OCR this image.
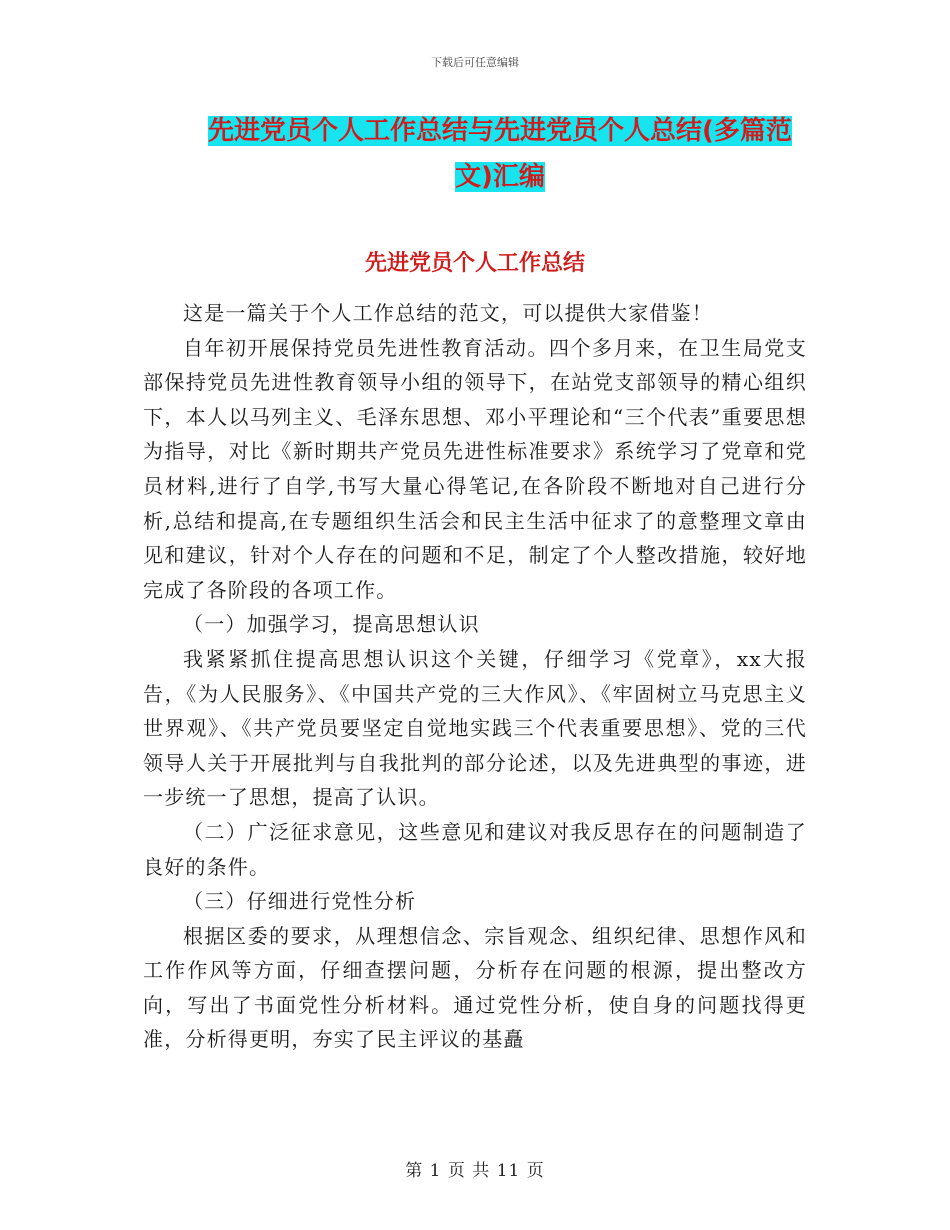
下载后可任意编辑
先进党员个人工作总结与先进党员个人总结(多篇范文)汇编
先进党员个人工作总结

这是一篇关于个人工作总结的范文，可以提供大家借鉴！

自年初开展保持党员先进性教育活动。四个多月来，在卫生局党支部保持党员先进性教育领导小组的领导下，在站党支部领导的精心组织下，本人以马列主义、毛泽东思想、邓小平理论和“三个代表”重要思想为指导，对比《新时期共产党员先进性标准要求》系统学习了党章和党员材料,进行了自学,书写大量心得笔记,在各阶段不断地对自己进行分析,总结和提高,在专题组织生活会和民主生活中征求了的意整理文章由见和建议，针对个人存在的问题和不足，制定了个人整改措施，较好地完成了各阶段的各项工作。

（一）加强学习，提高思想认识

我紧紧抓住提高思想认识这个关键，仔细学习《党章》，xx大报告，《为人民服务》、《中国共产党的三大作风》、《牢固树立马克思主义世界观》、《共产党员要坚定自觉地实践三个代表重要思想》、党的三代领导人关于开展批判与自我批判的部分论述，以及先进典型的事迹，进一步统一了思想，提高了认识。

（二）广泛征求意见，这些意见和建议对我反思存在的问题制造了良好的条件。

（三）仔细进行党性分析

根据区委的要求，从理想信念、宗旨观念、组织纪律、思想作风和工作作风等方面，仔细查摆问题，分析存在问题的根源，提出整改方向，写出了书面党性分析材料。通过党性分析，使自身的问题找得更准，分析得更明，夯实了民主评议的基矗

第 1 页 共 11 页
